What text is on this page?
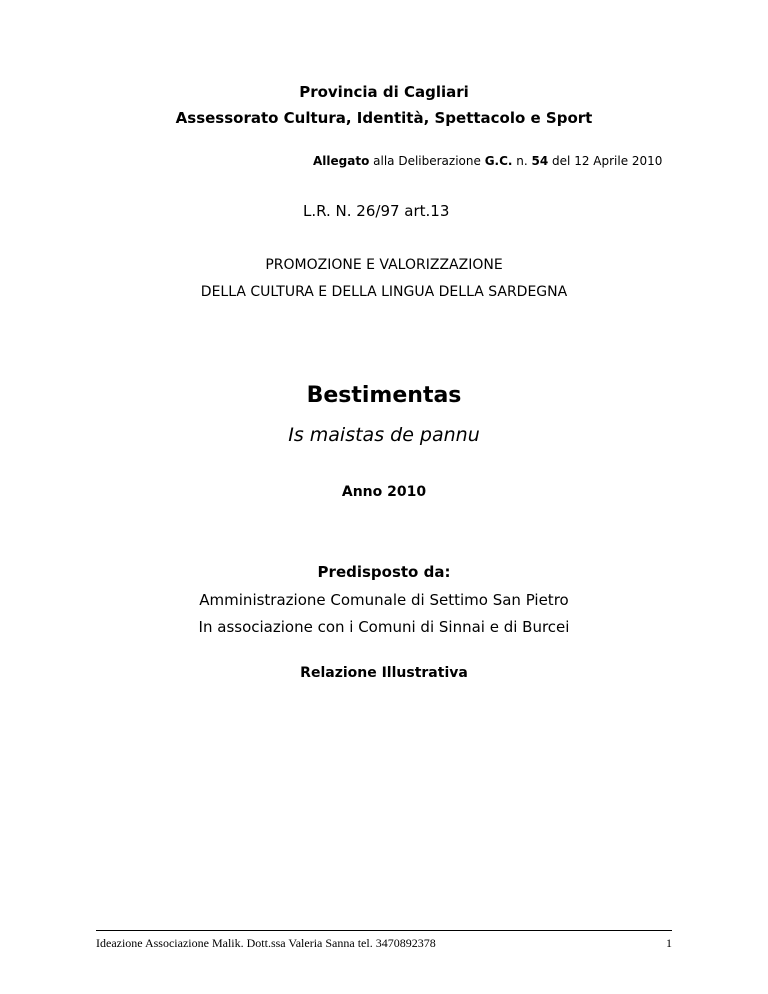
Provincia di Cagliari
Assessorato Cultura, Identità, Spettacolo e Sport
Allegato alla Deliberazione G.C. n. 54 del 12 Aprile 2010
L.R. N. 26/97 art.13
PROMOZIONE E VALORIZZAZIONE
DELLA CULTURA E DELLA LINGUA DELLA SARDEGNA
Bestimentas
Is maistas de pannu
Anno 2010
Predisposto da:
Amministrazione Comunale di Settimo San Pietro
In associazione con i Comuni di Sinnai e di Burcei
Relazione Illustrativa
Ideazione Associazione Malik. Dott.ssa Valeria Sanna tel. 3470892378	1
